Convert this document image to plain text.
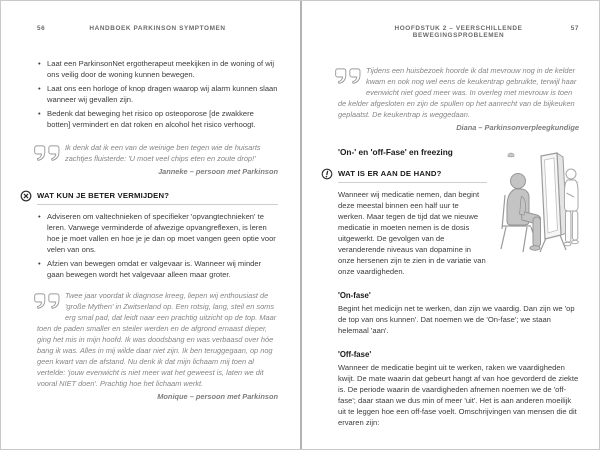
56	HANDBOEK PARKINSON SYMPTOMEN
• Laat een ParkinsonNet ergotherapeut meekijken in de woning of wij ons veilig door de woning kunnen bewegen.
• Laat ons een horloge of knop dragen waarop wij alarm kunnen slaan wanneer wij gevallen zijn.
• Bedenk dat beweging het risico op osteoporose [de zwakkere botten] vermindert en dat roken en alcohol het risico verhoogt.
Ik denk dat ik een van de weinige ben tegen wie de huisarts zachtjes fluisterde: 'U moet veel chips eten en zoute drop!'
Janneke – persoon met Parkinson
WAT KUN JE BETER VERMIJDEN?
• Adviseren om valtechnieken of specifieker 'opvangtechnieken' te leren. Vanwege verminderde of afwezige opvangreflexen, is leren hoe je moet vallen en hoe je je dan op moet vangen geen optie voor velen van ons.
• Afzien van bewegen omdat er valgevaar is. Wanneer wij minder gaan bewegen wordt het valgevaar alleen maar groter.
Twee jaar voordat ik diagnose kreeg, liepen wij enthousiast de 'große Mythen' in Zwitserland op. Een rotsig, lang, steil en soms erg smal pad, dat leidt naar een prachtig uitzicht op de top. Maar toen de paden smaller en steiler werden en de afgrond ernaast dieper, ging het mis in mijn hoofd. Ik was doodsbang en was verbaasd over hóe bang ik was. Alles in mij wilde daar niet zijn. Ik ben teruggegaan, op nog geen kwart van de afstand. Nu denk ik dat mijn lichaam mij toen al vertelde: 'jouw evenwicht is niet meer wat het geweest is, laten we dit vooral NIET doen'. Prachtig hoe het lichaam werkt.
Monique – persoon met Parkinson
HOOFDSTUK 2 – VEERSCHILLENDE BEWEGINGSPROBLEMEN
57
Tijdens een huisbezoek hoorde ik dat mevrouw nog in de kelder kwam en ook nog wel eens de keukentrap gebruikte, terwijl haar evenwicht niet goed meer was. In overleg met mevrouw is toen de kelder afgesloten en zijn de spullen op het aanrecht van de bijkeuken geplaatst. De keukentrap is weggedaan.
Diana – Parkinsonverpleegkundige
'On-' en 'off-Fase' en freezing
WAT IS ER AAN DE HAND?
Wanneer wij medicatie nemen, dan begint deze meestal binnen een half uur te werken. Maar tegen de tijd dat we nieuwe medicatie in moeten nemen is de dosis uitgewerkt. De gevolgen van de veranderende niveaus van dopamine in onze hersenen zijn te zien in de variatie van onze vaardigheden.
'On-fase'
Begint het medicijn net te werken, dan zijn we vaardig. Dan zijn we 'op de top van ons kunnen'. Dat noemen we de 'On-fase'; we staan helemaal 'aan'.
'Off-fase'
Wanneer de medicatie begint uit te werken, raken we vaardigheden kwijt. De mate waarin dat gebeurt hangt af van hoe gevorderd de ziekte is. De periode waarin de vaardigheden afnemen noemen we de 'off-fase'; daar staan we dus min of meer 'uit'. Het is aan anderen moeilijk uit te leggen hoe een off-fase voelt. Omschrijvingen van mensen die dit ervaren zijn:
